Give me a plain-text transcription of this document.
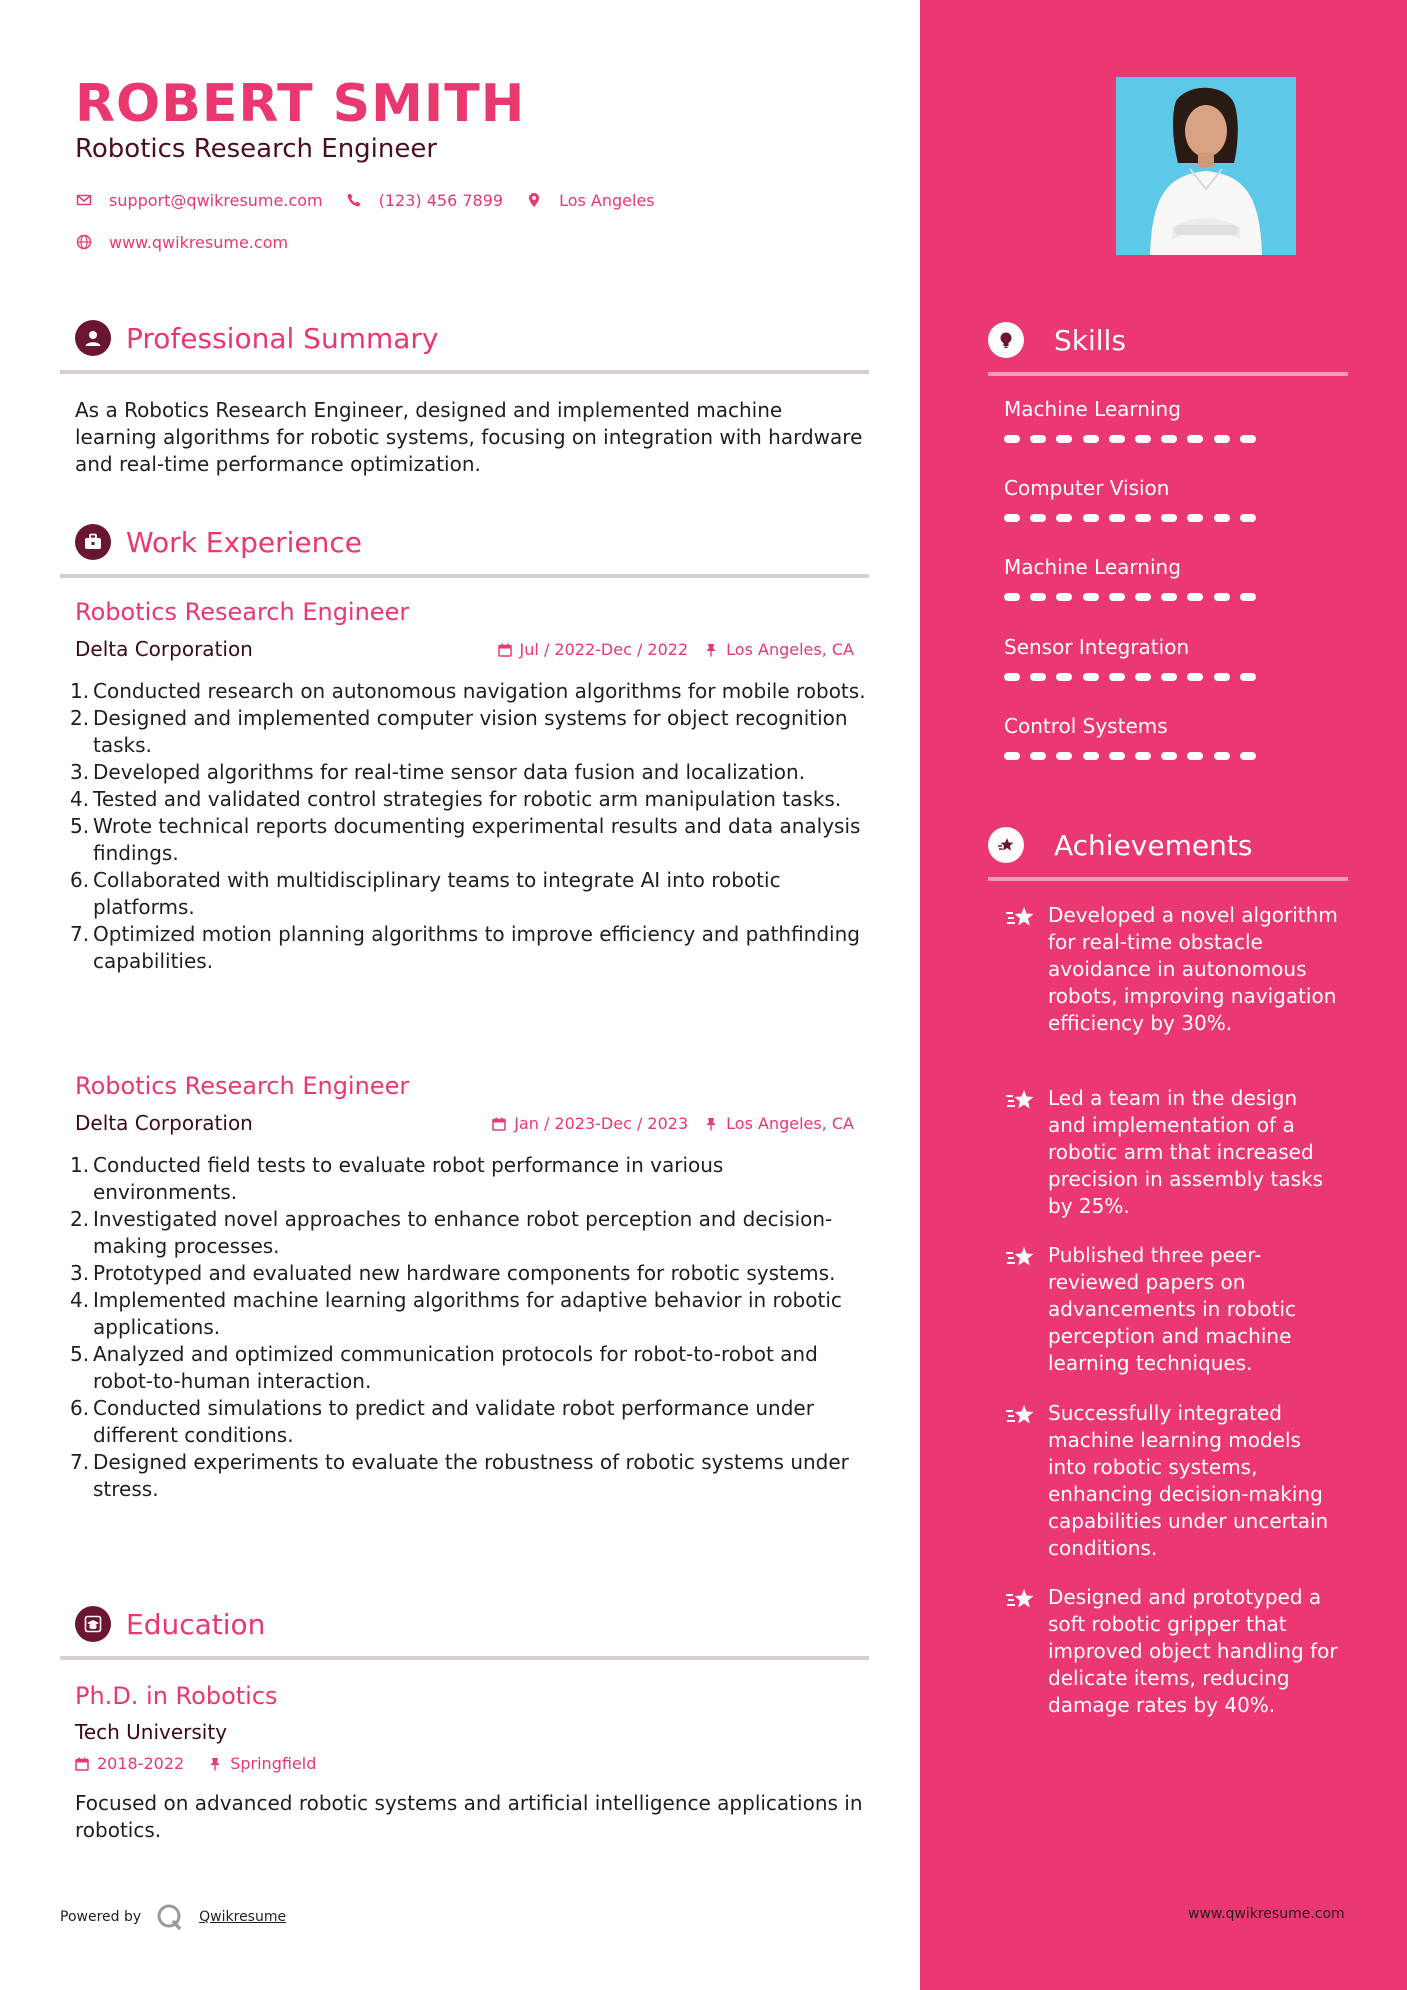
ROBERT SMITH
Robotics Research Engineer
support@qwikresume.com	(123) 456 7899	Los Angeles
www.qwikresume.com
Professional Summary
As a Robotics Research Engineer, designed and implemented machine learning algorithms for robotic systems, focusing on integration with hardware and real-time performance optimization.
Work Experience
Robotics Research Engineer
Delta Corporation	Jul / 2022-Dec / 2022 Los Angeles, CA
1. Conducted research on autonomous navigation algorithms for mobile robots.
2. Designed and implemented computer vision systems for object recognition tasks.
3. Developed algorithms for real-time sensor data fusion and localization.
4. Tested and validated control strategies for robotic arm manipulation tasks.
5. Wrote technical reports documenting experimental results and data analysis findings.
6. Collaborated with multidisciplinary teams to integrate AI into robotic platforms.
7. Optimized motion planning algorithms to improve efficiency and pathfinding capabilities.
Robotics Research Engineer
Delta Corporation	Jan / 2023-Dec / 2023 Los Angeles, CA
1. Conducted field tests to evaluate robot performance in various environments.
2. Investigated novel approaches to enhance robot perception and decision-making processes.
3. Prototyped and evaluated new hardware components for robotic systems.
4. Implemented machine learning algorithms for adaptive behavior in robotic applications.
5. Analyzed and optimized communication protocols for robot-to-robot and robot-to-human interaction.
6. Conducted simulations to predict and validate robot performance under different conditions.
7. Designed experiments to evaluate the robustness of robotic systems under stress.
Education
Ph.D. in Robotics
Tech University
2018-2022	Springfield
Focused on advanced robotic systems and artificial intelligence applications in robotics.
Powered by	Qwikresume
Skills
Machine Learning
Computer Vision
Machine Learning
Sensor Integration
Control Systems
Achievements
Developed a novel algorithm for real-time obstacle avoidance in autonomous robots, improving navigation efficiency by 30%.
Led a team in the design and implementation of a robotic arm that increased precision in assembly tasks by 25%.
Published three peer-reviewed papers on advancements in robotic perception and machine learning techniques.
Successfully integrated machine learning models into robotic systems, enhancing decision-making capabilities under uncertain conditions.
Designed and prototyped a soft robotic gripper that improved object handling for delicate items, reducing damage rates by 40%.
www.qwikresume.com
